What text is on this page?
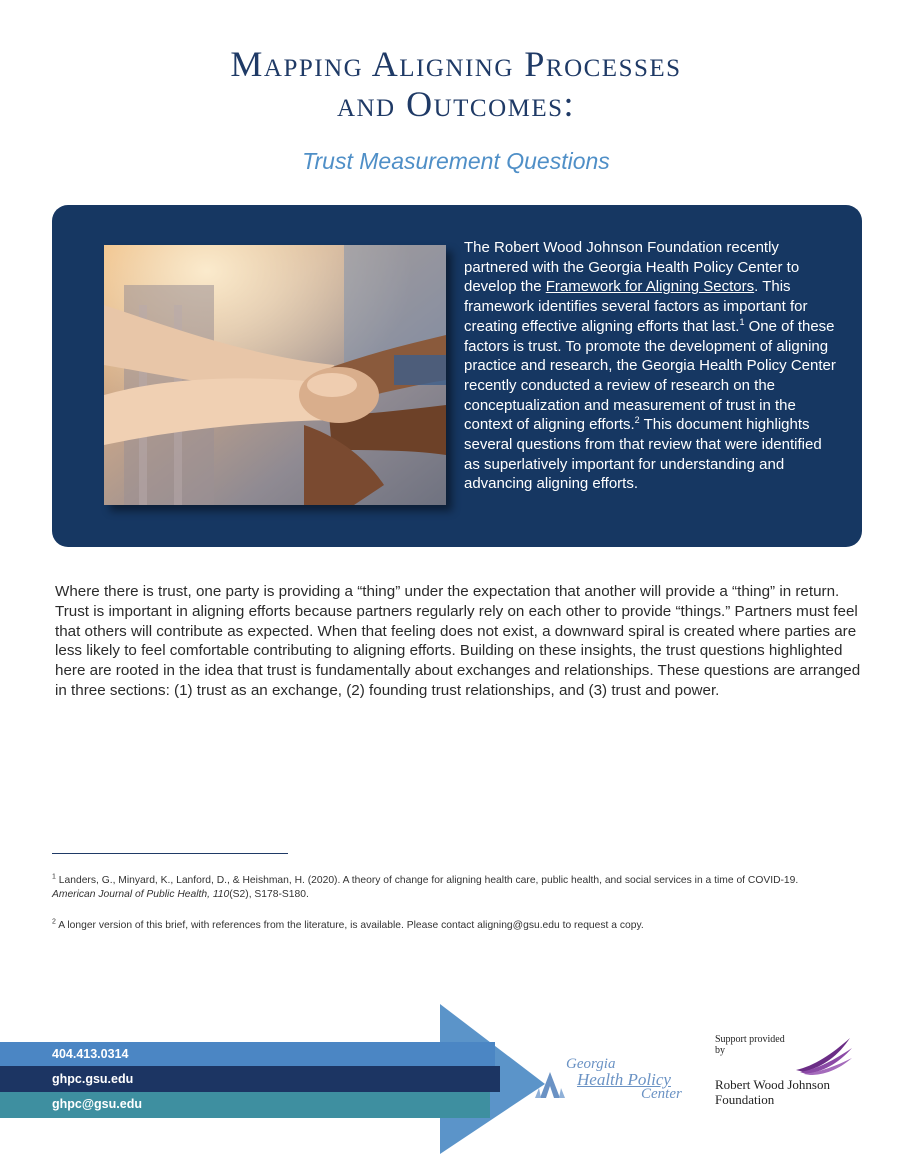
Mapping Aligning Processes
and Outcomes:
Trust Measurement Questions
The Robert Wood Johnson Foundation recently partnered with the Georgia Health Policy Center to develop the Framework for Aligning Sectors. This framework identifies several factors as important for creating effective aligning efforts that last.$^1$ One of these factors is trust. To promote the development of aligning practice and research, the Georgia Health Policy Center recently conducted a review of research on the conceptualization and measurement of trust in the context of aligning efforts.$^2$ This document highlights several questions from that review that were identified as superlatively important for understanding and advancing aligning efforts.
Where there is trust, one party is providing a “thing” under the expectation that another will provide a “thing” in return. Trust is important in aligning efforts because partners regularly rely on each other to provide “things.” Partners must feel that others will contribute as expected. When that feeling does not exist, a downward spiral is created where parties are less likely to feel comfortable contributing to aligning efforts. Building on these insights, the trust questions highlighted here are rooted in the idea that trust is fundamentally about exchanges and relationships. These questions are arranged in three sections: (1) trust as an exchange, (2) founding trust relationships, and (3) trust and power.
$^1$ Landers, G., Minyard, K., Lanford, D., & Heishman, H. (2020). A theory of change for aligning health care, public health, and social services in a time of COVID-19. American Journal of Public Health, 110(S2), S178-S180.
$^2$ A longer version of this brief, with references from the literature, is available. Please contact aligning@gsu.edu to request a copy.
404.413.0314
ghpc.gsu.edu
ghpc@gsu.edu
Georgia
Health Policy
Center
Support provided by
Robert Wood Johnson Foundation
